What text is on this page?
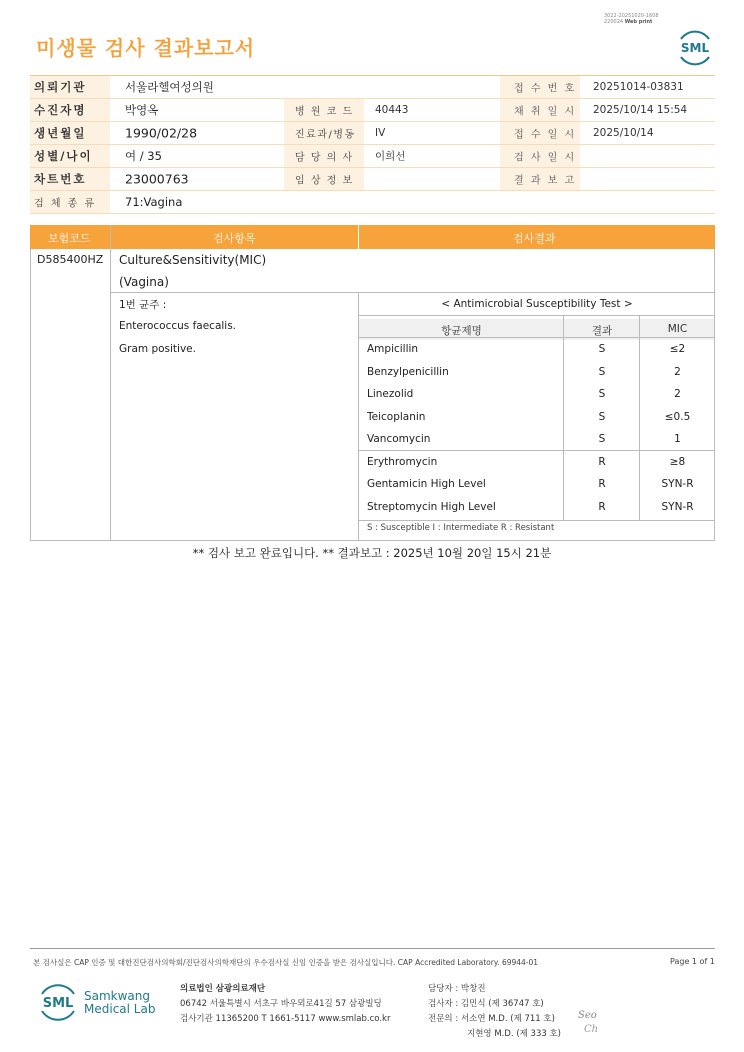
미생물 검사 결과보고서
3022-20251020-1608
220024 Web print
SML
의뢰기관	서울라헬여성의원	접 수 번 호 20251014-03831
수진자명	박영옥	병 원 코 드 40443	채 취 일 시 2025/10/14 15:54
생년월일	1990/02/28	진료과/병동 IV	접 수 일 시 2025/10/14
성별/나이	여 / 35	담 당 의 사 이희선	검 사 일 시
차트번호	23000763	임 상 정 보	결 과 보 고
검 체 종 류	71:Vagina
보험코드	검사항목	검사결과
D585400HZ Culture&Sensitivity(MIC)
(Vagina)
1번 균주 :
Enterococcus faecalis.
Gram positive.
< Antimicrobial Susceptibility Test >
항균제명	결과	MIC
Ampicillin	S	≤2
Benzylpenicillin	S	2
Linezolid	S	2
Teicoplanin	S	≤0.5
Vancomycin	S	1
Erythromycin	R	≥8
Gentamicin High Level	R	SYN-R
Streptomycin High Level	R	SYN-R
S : Susceptible I : Intermediate R : Resistant
** 검사 보고 완료입니다. ** 결과보고 : 2025년 10월 20일 15시 21분
본 검사실은 CAP 인증 및 대한진단검사의학회/진단검사의학재단의 우수검사실 신임 인증을 받은 검사실입니다. CAP Accredited Laboratory. 69944-01	Page 1 of 1
SML Samkwang
Medical Lab
의료법인 삼광의료재단
06742 서울특별시 서초구 바우뫼로41길 57 삼광빌딩
검사기관 11365200 T 1661-5117 www.smlab.co.kr
담당자 : 박창진
검사자 : 김민식 (제 36747 호)
전문의 : 서소연 M.D. (제 711 호)
지현영 M.D. (제 333 호)
Seo
Ch
